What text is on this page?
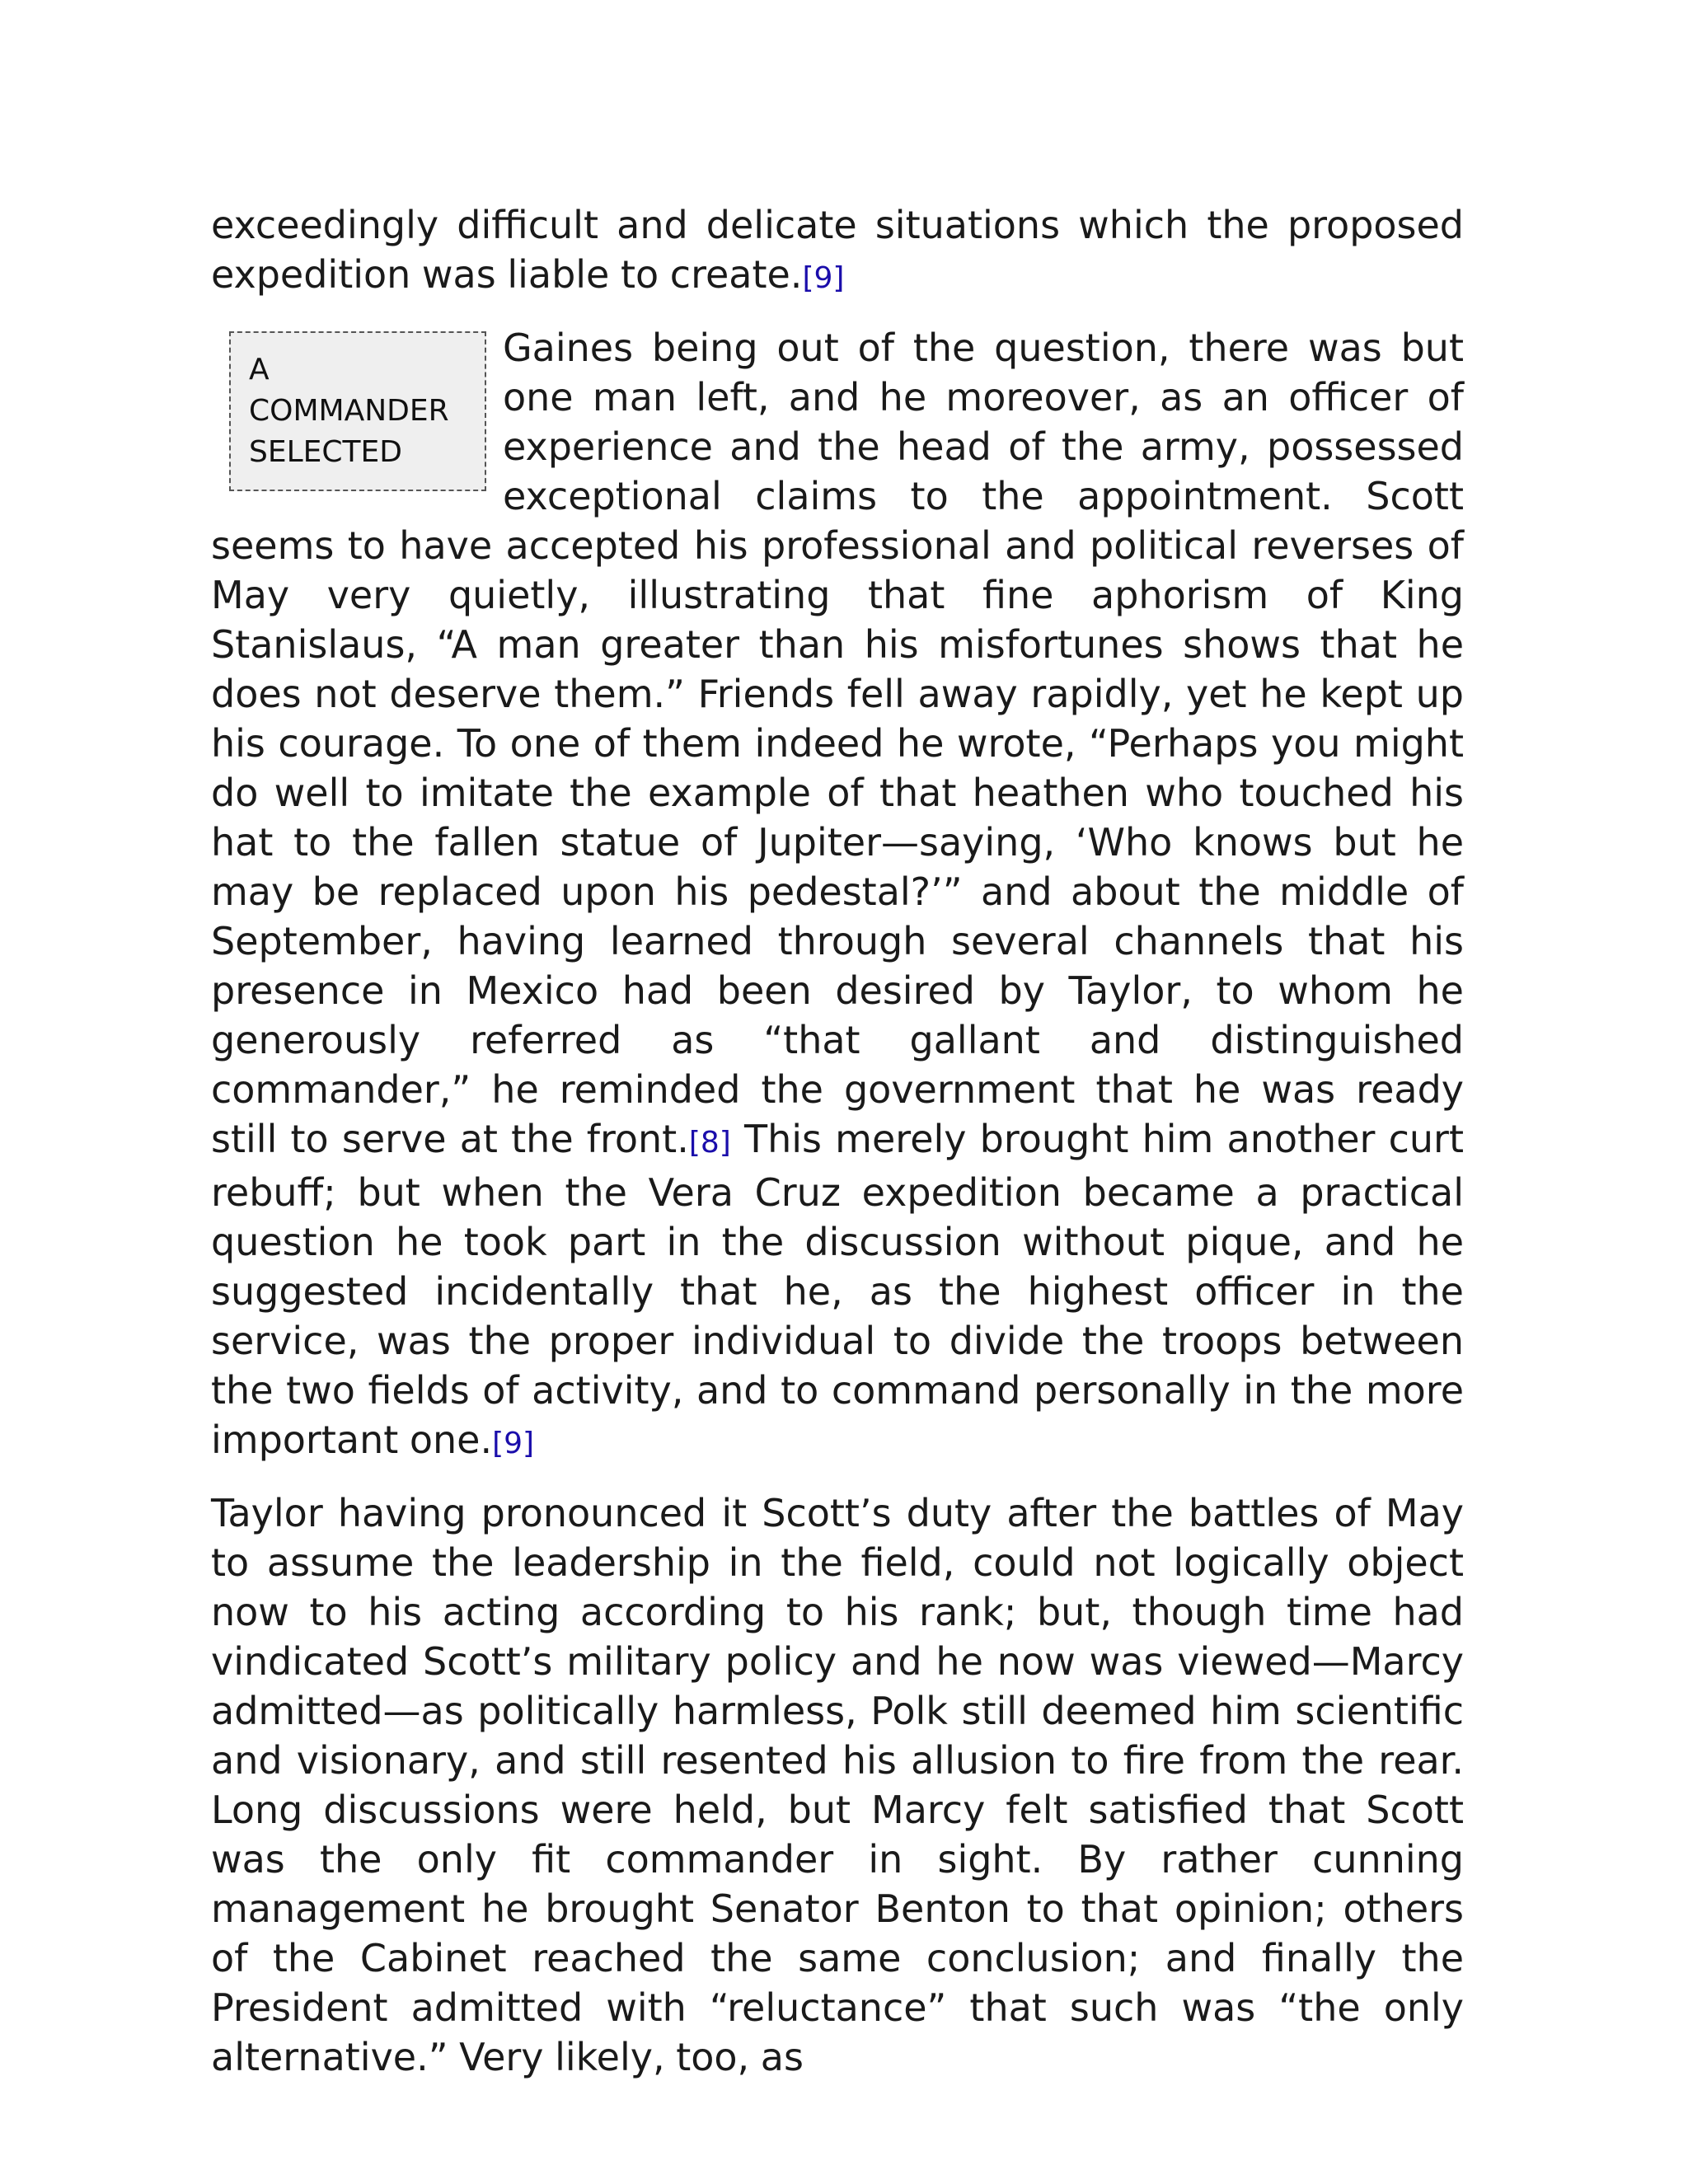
exceedingly difficult and delicate situations which the proposed expedition was liable to create.[9]

A COMMANDER SELECTED
Gaines being out of the question, there was but one man left, and he moreover, as an officer of experience and the head of the army, possessed exceptional claims to the appointment. Scott seems to have accepted his professional and political reverses of May very quietly, illustrating that fine aphorism of King Stanislaus, “A man greater than his misfortunes shows that he does not deserve them.” Friends fell away rapidly, yet he kept up his courage. To one of them indeed he wrote, “Perhaps you might do well to imitate the example of that heathen who touched his hat to the fallen statue of Jupiter—saying, ‘Who knows but he may be replaced upon his pedestal?’” and about the middle of September, having learned through several channels that his presence in Mexico had been desired by Taylor, to whom he generously referred as “that gallant and distinguished commander,” he reminded the government that he was ready still to serve at the front.[8] This merely brought him another curt rebuff; but when the Vera Cruz expedition became a practical question he took part in the discussion without pique, and he suggested incidentally that he, as the highest officer in the service, was the proper individual to divide the troops between the two fields of activity, and to command personally in the more important one.[9]

Taylor having pronounced it Scott’s duty after the battles of May to assume the leadership in the field, could not logically object now to his acting according to his rank; but, though time had vindicated Scott’s military policy and he now was viewed—Marcy admitted—as politically harmless, Polk still deemed him scientific and visionary, and still resented his allusion to fire from the rear. Long discussions were held, but Marcy felt satisfied that Scott was the only fit commander in sight. By rather cunning management he brought Senator Benton to that opinion; others of the Cabinet reached the same conclusion; and finally the President admitted with “reluctance” that such was “the only alternative.” Very likely, too, as
